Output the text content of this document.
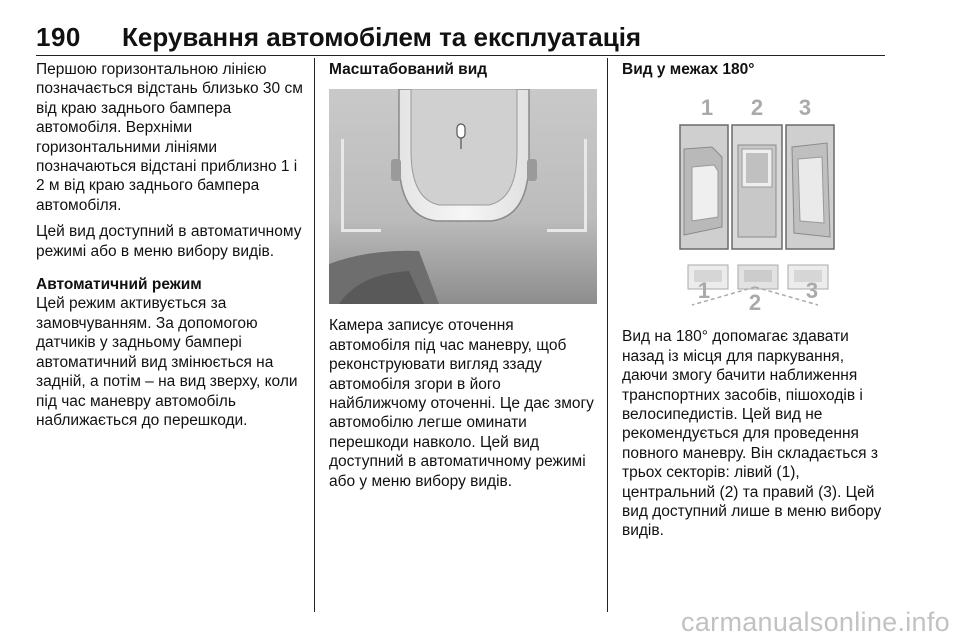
190 Керування автомобілем та експлуатація

Першою горизонтальною лінією позначається відстань близько 30 см від краю заднього бампера автомобіля. Верхніми горизонтальними лініями позначаються відстані приблизно 1 і 2 м від краю заднього бампера автомобіля.

Цей вид доступний в автоматичному режимі або в меню вибору видів.

Автоматичний режим

Цей режим активується за замовчуванням. За допомогою датчиків у задньому бампері автоматичний вид змінюється на задній, а потім – на вид зверху, коли під час маневру автомобіль наближається до перешкоди.

Масштабований вид

Камера записує оточення автомобіля під час маневру, щоб реконструювати вигляд ззаду автомобіля згори в його найближчому оточенні. Це дає змогу автомобілю легше оминати перешкоди навколо. Цей вид доступний в автоматичному режимі або у меню вибору видів.

Вид у межах 180°
1 2 3
1 2 3

Вид на 180° допомагає здавати назад із місця для паркування, даючи змогу бачити наближення транспортних засобів, пішоходів і велосипедистів. Цей вид не рекомендується для проведення повного маневру. Він складається з трьох секторів: лівий (1), центральний (2) та правий (3). Цей вид доступний лише в меню вибору видів.

carmanualsonline.info
